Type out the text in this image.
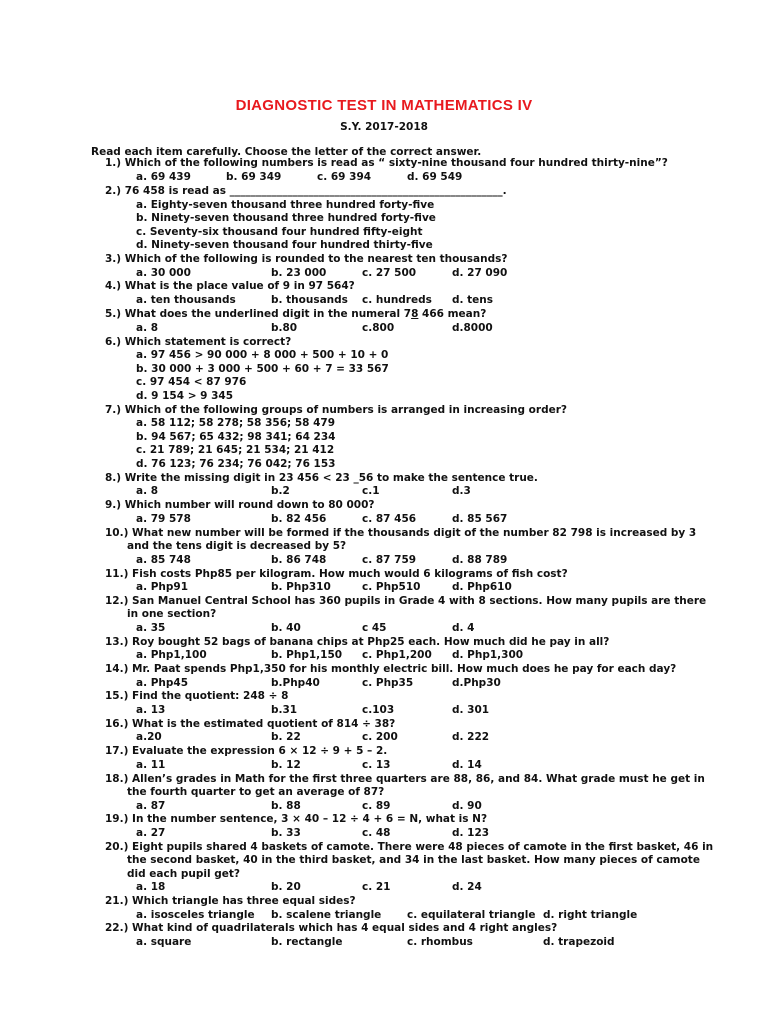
DIAGNOSTIC TEST IN MATHEMATICS IV
S.Y. 2017-2018
Read each item carefully. Choose the letter of the correct answer.
1.) Which of the following numbers is read as “ sixty-nine thousand four hundred thirty-nine”?
a. 69 439	b. 69 349	c. 69 394	d. 69 549
2.) 76 458 is read as ____________________________________________________.
a. Eighty-seven thousand three hundred forty-five
b. Ninety-seven thousand three hundred forty-five
c. Seventy-six thousand four hundred fifty-eight
d. Ninety-seven thousand four hundred thirty-five
3.) Which of the following is rounded to the nearest ten thousands?
a. 30 000	b. 23 000	c. 27 500	d. 27 090
4.) What is the place value of 9 in 97 564?
a. ten thousands	b. thousands c. hundreds d. tens
5.) What does the underlined digit in the numeral 78 466 mean?
a. 8	b.80	c.800	d.8000
6.) Which statement is correct?
a. 97 456 > 90 000 + 8 000 + 500 + 10 + 0
b. 30 000 + 3 000 + 500 + 60 + 7 = 33 567
c. 97 454 < 87 976
d. 9 154 > 9 345
7.) Which of the following groups of numbers is arranged in increasing order?
a. 58 112; 58 278; 58 356; 58 479
b. 94 567; 65 432; 98 341; 64 234
c. 21 789; 21 645; 21 534; 21 412
d. 76 123; 76 234; 76 042; 76 153
8.) Write the missing digit in 23 456 < 23 _56 to make the sentence true.
a. 8	b.2	c.1	d.3
9.) Which number will round down to 80 000?
a. 79 578	b. 82 456	c. 87 456	d. 85 567
10.) What new number will be formed if the thousands digit of the number 82 798 is increased by 3
and the tens digit is decreased by 5?
a. 85 748	b. 86 748	c. 87 759	d. 88 789
11.) Fish costs Php85 per kilogram. How much would 6 kilograms of fish cost?
a. Php91	b. Php310	c. Php510	d. Php610
12.) San Manuel Central School has 360 pupils in Grade 4 with 8 sections. How many pupils are there
in one section?
a. 35	b. 40	c 45	d. 4
13.) Roy bought 52 bags of banana chips at Php25 each. How much did he pay in all?
a. Php1,100	b. Php1,150 c. Php1,200 d. Php1,300
14.) Mr. Paat spends Php1,350 for his monthly electric bill. How much does he pay for each day?
a. Php45	b.Php40	c. Php35	d.Php30
15.) Find the quotient: 248 ÷ 8
a. 13	b.31	c.103	d. 301
16.) What is the estimated quotient of 814 ÷ 38?
a.20	b. 22	c. 200	d. 222
17.) Evaluate the expression 6 × 12 ÷ 9 + 5 – 2.
a. 11	b. 12	c. 13	d. 14
18.) Allen’s grades in Math for the first three quarters are 88, 86, and 84. What grade must he get in
the fourth quarter to get an average of 87?
a. 87	b. 88	c. 89	d. 90
19.) In the number sentence, 3 × 40 – 12 ÷ 4 + 6 = N, what is N?
a. 27	b. 33	c. 48	d. 123
20.) Eight pupils shared 4 baskets of camote. There were 48 pieces of camote in the first basket, 46 in
the second basket, 40 in the third basket, and 34 in the last basket. How many pieces of camote
did each pupil get?
a. 18	b. 20	c. 21	d. 24
21.) Which triangle has three equal sides?
a. isosceles triangle b. scalene triangle c. equilateral triangle d. right triangle
22.) What kind of quadrilaterals which has 4 equal sides and 4 right angles?
a. square	b. rectangle	c. rhombus	d. trapezoid
